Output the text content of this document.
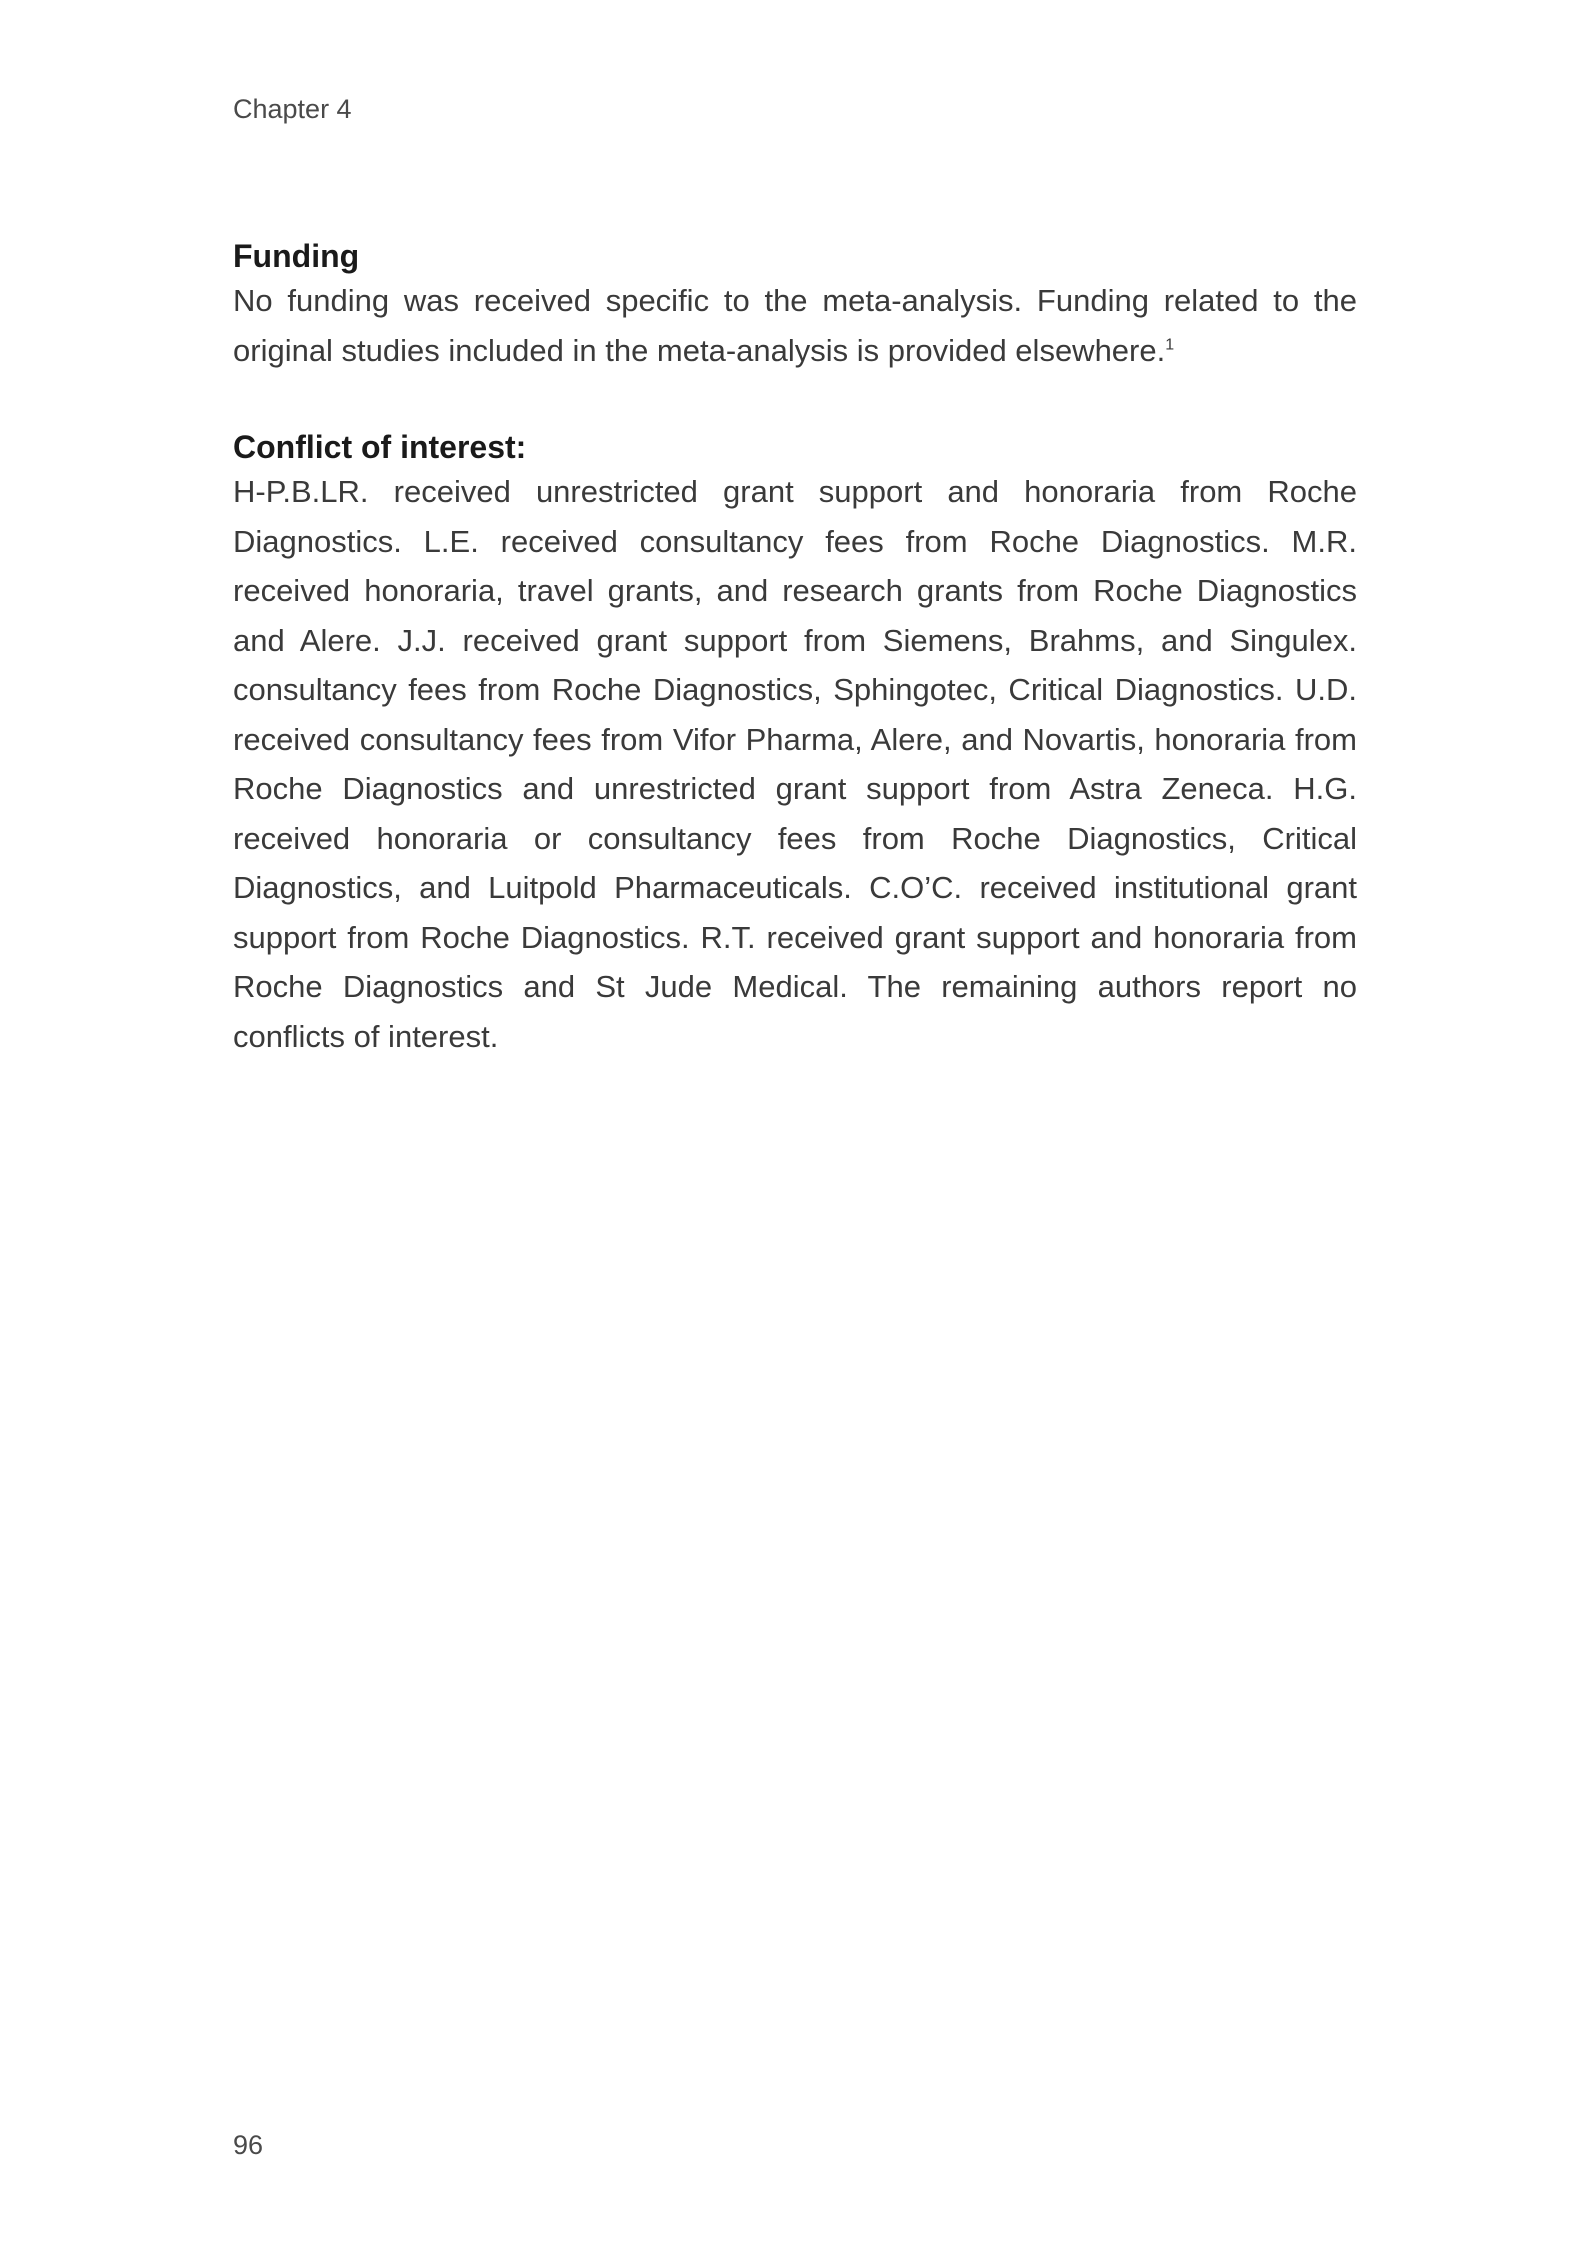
Chapter 4
Funding

No funding was received specific to the meta-analysis. Funding related to the original studies included in the meta-analysis is provided elsewhere.$^1$

Conflict of interest:

H-P.B.LR. received unrestricted grant support and honoraria from Roche Diagnostics. L.E. received consultancy fees from Roche Diagnostics. M.R. received honoraria, travel grants, and research grants from Roche Diagnostics and Alere. J.J. received grant support from Siemens, Brahms, and Singulex. consultancy fees from Roche Diagnostics, Sphingotec, Critical Diagnostics. U.D. received consultancy fees from Vifor Pharma, Alere, and Novartis, honoraria from Roche Diagnostics and unrestricted grant support from Astra Zeneca. H.G. received honoraria or consultancy fees from Roche Diagnostics, Critical Diagnostics, and Luitpold Pharmaceuticals. C.O’C. received institutional grant support from Roche Diagnostics. R.T. received grant support and honoraria from Roche Diagnostics and St Jude Medical. The remaining authors report no conflicts of interest.

96
